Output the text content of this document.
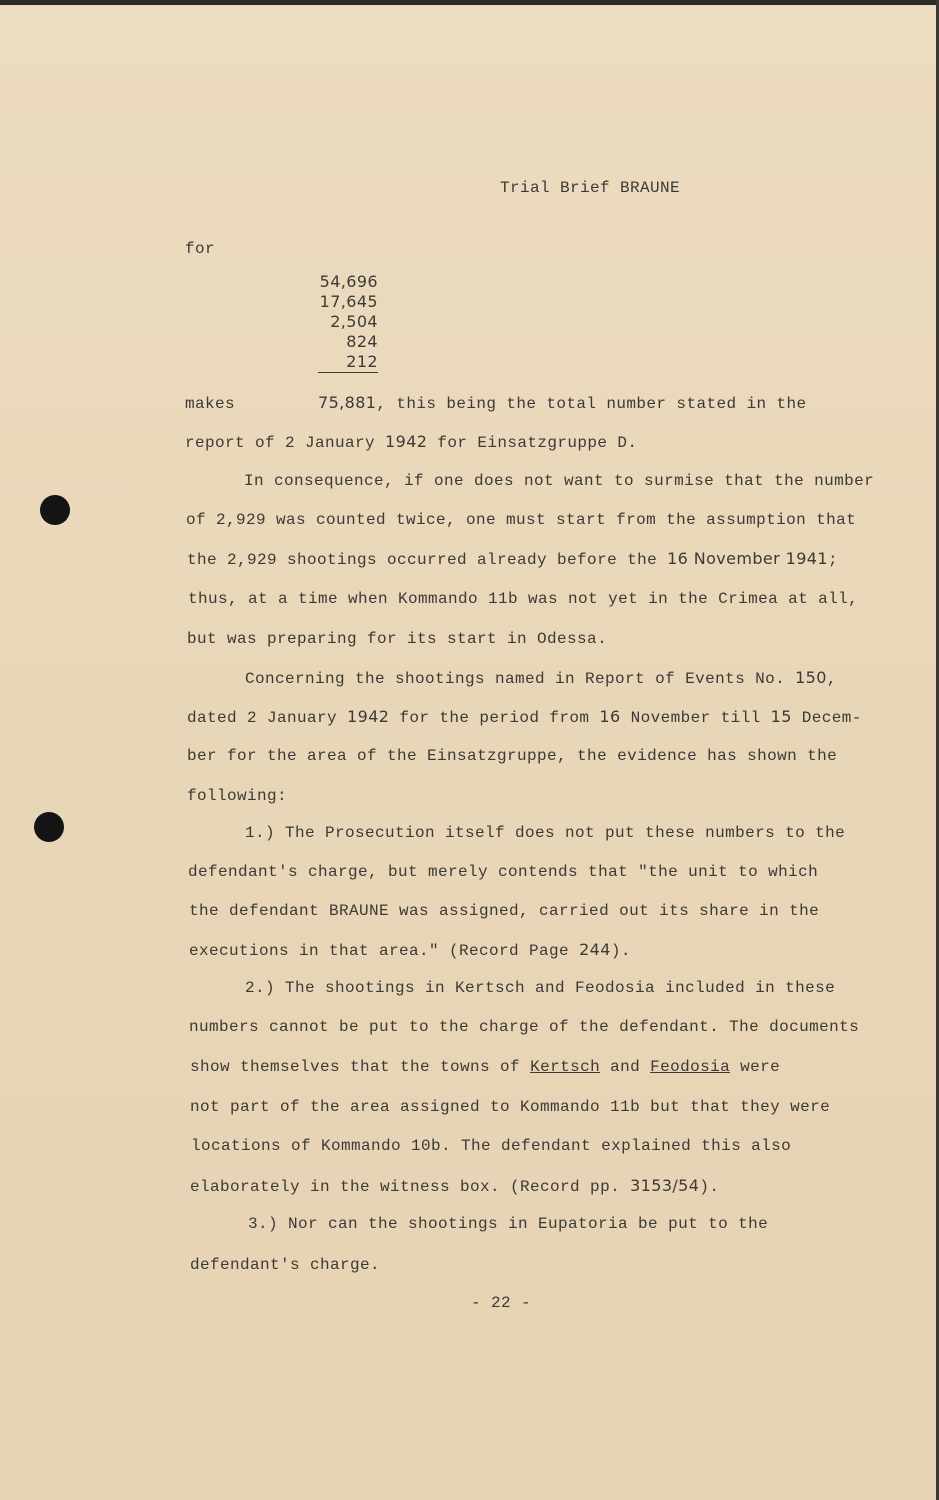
Trial Brief BRAUNE
for
54,696
17,645
2,504
824
212
makes	75,881, this being the total number stated in the
report of 2 January 1942 for Einsatzgruppe D.
In consequence, if one does not want to surmise that the number
of 2,929 was counted twice, one must start from the assumption that
the 2,929 shootings occurred already before the 16 November 1941;
thus, at a time when Kommando 11b was not yet in the Crimea at all,
but was preparing for its start in Odessa.
Concerning the shootings named in Report of Events No. 150,
dated 2 January 1942 for the period from 16 November till 15 Decem-
ber for the area of the Einsatzgruppe, the evidence has shown the
following:
1.) The Prosecution itself does not put these numbers to the
defendant's charge, but merely contends that "the unit to which
the defendant BRAUNE was assigned, carried out its share in the
executions in that area." (Record Page 244).
2.) The shootings in Kertsch and Feodosia included in these
numbers cannot be put to the charge of the defendant. The documents
show themselves that the towns of Kertsch and Feodosia were
not part of the area assigned to Kommando 11b but that they were
locations of Kommando 10b. The defendant explained this also
elaborately in the witness box. (Record pp. 3153/54).
3.) Nor can the shootings in Eupatoria be put to the
defendant's charge.
- 22 -
